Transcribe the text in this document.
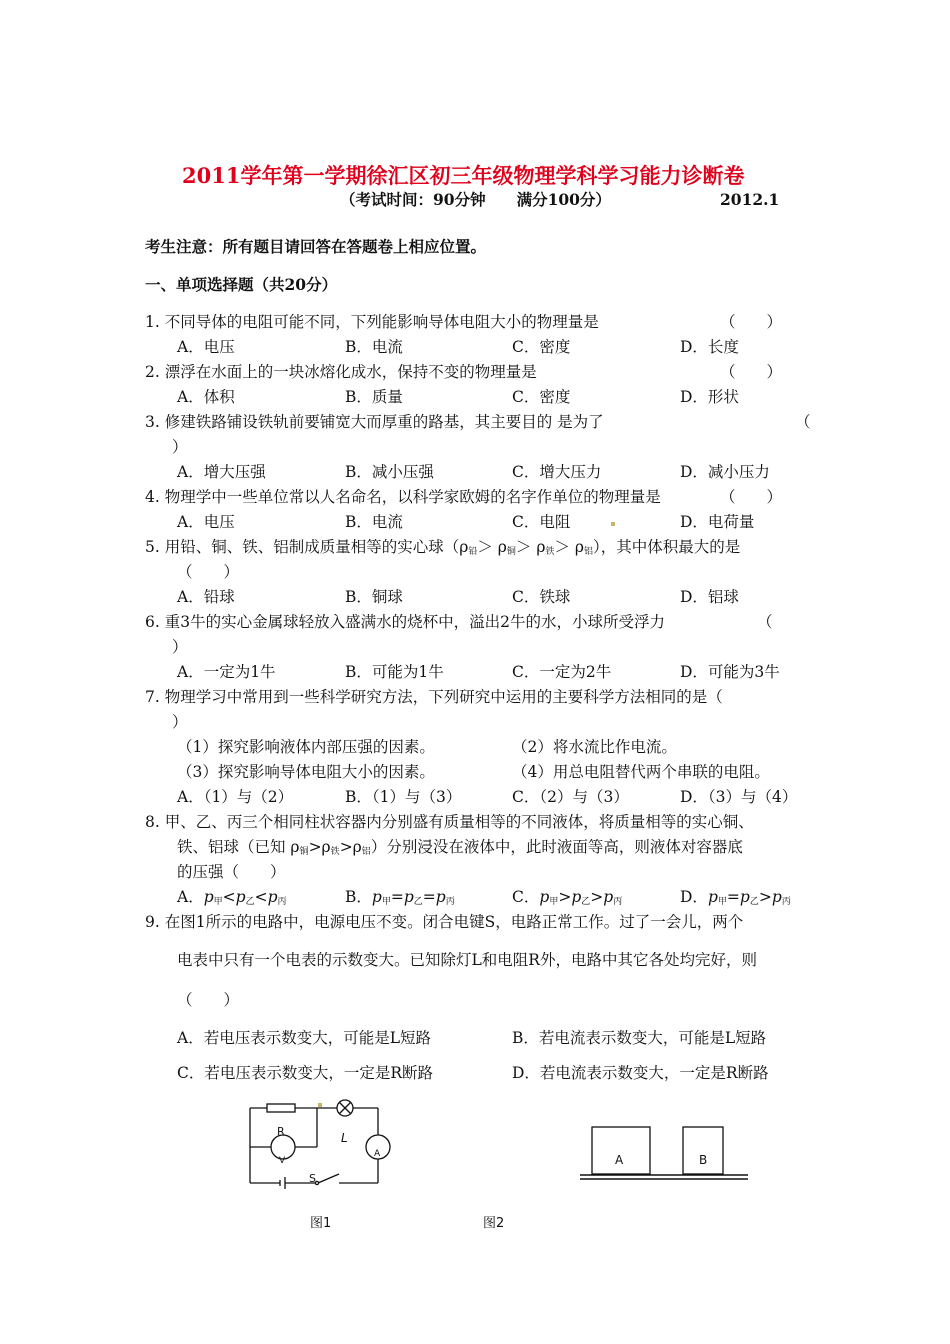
2011学年第一学期徐汇区初三年级物理学科学习能力诊断卷
（考试时间：90分钟　　满分100分）	2012.1
考生注意：所有题目请回答在答题卷上相应位置。
一、单项选择题（共20分）
1. 不同导体的电阻可能不同，下列能影响导体电阻大小的物理量是	（　　）
A．电压	B．电流	C．密度	D．长度
2. 漂浮在水面上的一块冰熔化成水，保持不变的物理量是	（　　）
A．体积	B．质量	C．密度	D．形状
3. 修建铁路铺设铁轨前要铺宽大而厚重的路基，其主要目的 是为了	（
）
A．增大压强	B．减小压强	C．增大压力	D．减小压力
4. 物理学中一些单位常以人名命名，以科学家欧姆的名字作单位的物理量是	（　　）
A．电压	B．电流	C．电阻	D．电荷量
5. 用铅、铜、铁、铝制成质量相等的实心球$(\rho_铅> \rho_铜> \rho_铁> \rho_铝)$，其中体积最大的是
（　　）
A．铅球	B．铜球	C．铁球	D．铝球
6. 重3牛的实心金属球轻放入盛满水的烧杯中，溢出2牛的水，小球所受浮力	（
）
A．一定为1牛	B．可能为1牛	C．一定为2牛	D．可能为3牛
7. 物理学习中常用到一些科学研究方法，下列研究中运用的主要科学方法相同的是（
）
（1）探究影响液体内部压强的因素。	（2）将水流比作电流。
（3）探究影响导体电阻大小的因素。	（4）用总电阻替代两个串联的电阻。
A．（1）与（2）	B．（1）与（3）	C．（2）与（3）	D．（3）与（4）
8. 甲、乙、丙三个相同柱状容器内分别盛有质量相等的不同液体，将质量相等的实心铜、
铁、铝球（已知 $\rho_铜>\rho_铁>\rho_铝$）分别浸没在液体中，此时液面等高，则液体对容器底
的压强（　　）
A．$p_甲<p_乙<p_丙$	B．$p_甲=p_乙=p_丙$	C．$p_甲>p_乙>p_丙$	D．$p_甲=p_乙>p_丙$
9. 在图1所示的电路中，电源电压不变。闭合电键S，电路正常工作。过了一会儿，两个
电表中只有一个电表的示数变大。已知除灯L和电阻R外，电路中其它各处均完好，则
（　　）
A．若电压表示数变大，可能是L短路	B．若电流表示数变大，可能是L短路
C．若电压表示数变大，一定是R断路	D．若电流表示数变大，一定是R断路
R	L
V
A
S
图1
A	B
图2
